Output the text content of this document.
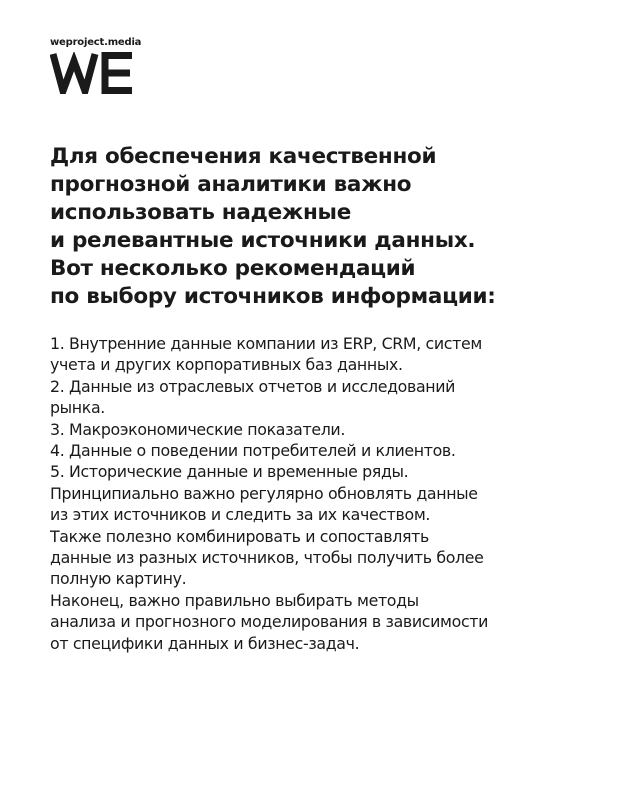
weproject.media
Для обеспечения качественной
прогнозной аналитики важно
использовать надежные
и релевантные источники данных.
Вот несколько рекомендаций
по выбору источников информации:
1. Внутренние данные компании из ERP, CRM, систем
учета и других корпоративных баз данных.
2. Данные из отраслевых отчетов и исследований
рынка.
3. Макроэкономические показатели.
4. Данные о поведении потребителей и клиентов.
5. Исторические данные и временные ряды.
Принципиально важно регулярно обновлять данные
из этих источников и следить за их качеством.
Также полезно комбинировать и сопоставлять
данные из разных источников, чтобы получить более
полную картину.
Наконец, важно правильно выбирать методы
анализа и прогнозного моделирования в зависимости
от специфики данных и бизнес-задач.
